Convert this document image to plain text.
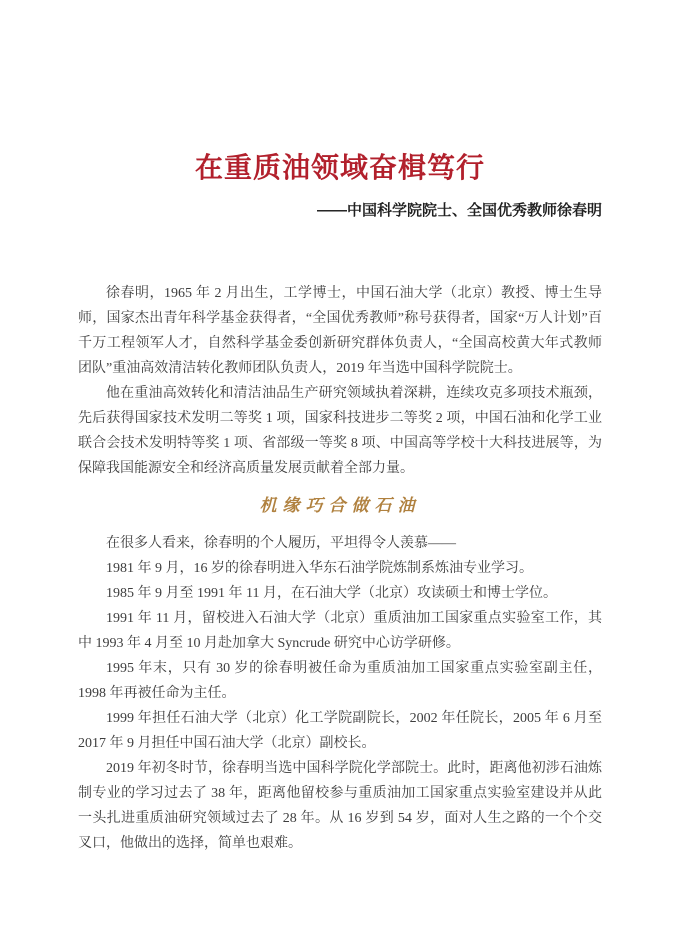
在重质油领域奋楫笃行

——中国科学院院士、全国优秀教师徐春明

徐春明，1965 年 2 月出生，工学博士，中国石油大学（北京）教授、博士生导师，国家杰出青年科学基金获得者，“全国优秀教师”称号获得者，国家“万人计划”百千万工程领军人才，自然科学基金委创新研究群体负责人，“全国高校黄大年式教师团队”重油高效清洁转化教师团队负责人，2019 年当选中国科学院院士。

他在重油高效转化和清洁油品生产研究领域执着深耕，连续攻克多项技术瓶颈，先后获得国家技术发明二等奖 1 项，国家科技进步二等奖 2 项，中国石油和化学工业联合会技术发明特等奖 1 项、省部级一等奖 8 项、中国高等学校十大科技进展等，为保障我国能源安全和经济高质量发展贡献着全部力量。

机缘巧合做石油

在很多人看来，徐春明的个人履历，平坦得令人羡慕——

1981 年 9 月，16 岁的徐春明进入华东石油学院炼制系炼油专业学习。

1985 年 9 月至 1991 年 11 月，在石油大学（北京）攻读硕士和博士学位。

1991 年 11 月，留校进入石油大学（北京）重质油加工国家重点实验室工作，其中 1993 年 4 月至 10 月赴加拿大 Syncrude 研究中心访学研修。

1995 年末，只有 30 岁的徐春明被任命为重质油加工国家重点实验室副主任，1998 年再被任命为主任。

1999 年担任石油大学（北京）化工学院副院长，2002 年任院长，2005 年 6 月至 2017 年 9 月担任中国石油大学（北京）副校长。

2019 年初冬时节，徐春明当选中国科学院化学部院士。此时，距离他初涉石油炼制专业的学习过去了 38 年，距离他留校参与重质油加工国家重点实验室建设并从此一头扎进重质油研究领域过去了 28 年。从 16 岁到 54 岁，面对人生之路的一个个交叉口，他做出的选择，简单也艰难。
